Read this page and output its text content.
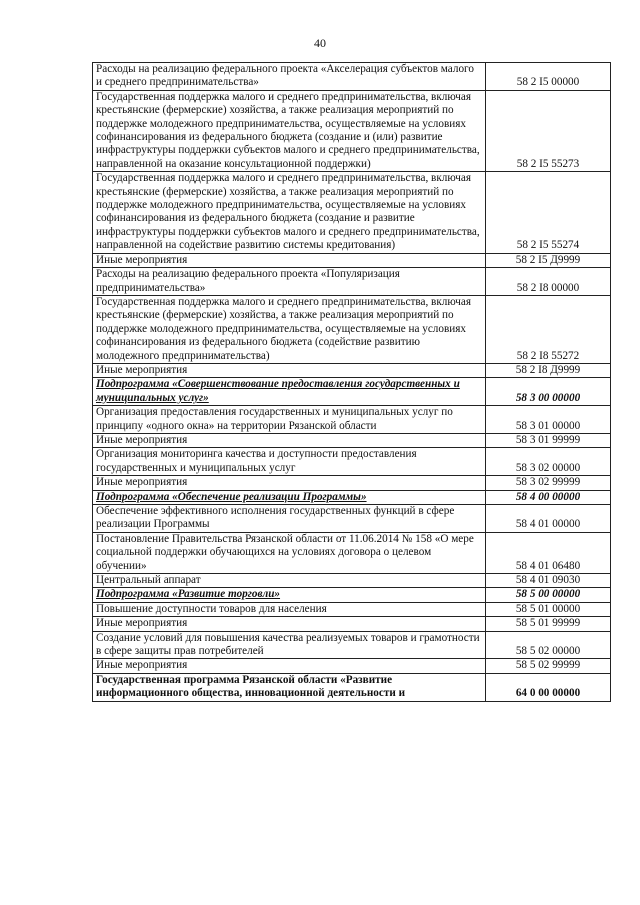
40
Расходы на реализацию федерального проекта «Акселерация субъектов малого и среднего предпринимательства»	58 2 I5 00000
Государственная поддержка малого и среднего предпринимательства, включая крестьянские (фермерские) хозяйства, а также реализация мероприятий по поддержке молодежного предпринимательства, осуществляемые на условиях софинансирования из федерального бюджета (создание и (или) развитие инфраструктуры поддержки субъектов малого и среднего предпринимательства, направленной на оказание консультационной поддержки)	58 2 I5 55273
Государственная поддержка малого и среднего предпринимательства, включая крестьянские (фермерские) хозяйства, а также реализация мероприятий по поддержке молодежного предпринимательства, осуществляемые на условиях софинансирования из федерального бюджета (создание и развитие инфраструктуры поддержки субъектов малого и среднего предпринимательства, направленной на содействие развитию системы кредитования)	58 2 I5 55274
Иные мероприятия	58 2 I5 Д9999
Расходы на реализацию федерального проекта «Популяризация предпринимательства»	58 2 I8 00000
Государственная поддержка малого и среднего предпринимательства, включая крестьянские (фермерские) хозяйства, а также реализация мероприятий по поддержке молодежного предпринимательства, осуществляемые на условиях софинансирования из федерального бюджета (содействие развитию молодежного предпринимательства)	58 2 I8 55272
Иные мероприятия	58 2 I8 Д9999
Подпрограмма «Совершенствование предоставления государственных и муниципальных услуг»	58 3 00 00000
Организация предоставления государственных и муниципальных услуг по принципу «одного окна» на территории Рязанской области	58 3 01 00000
Иные мероприятия	58 3 01 99999
Организация мониторинга качества и доступности предоставления государственных и муниципальных услуг	58 3 02 00000
Иные мероприятия	58 3 02 99999
Подпрограмма «Обеспечение реализации Программы»	58 4 00 00000
Обеспечение эффективного исполнения государственных функций в сфере реализации Программы	58 4 01 00000
Постановление Правительства Рязанской области от 11.06.2014 № 158 «О мере социальной поддержки обучающихся на условиях договора о целевом обучении»	58 4 01 06480
Центральный аппарат	58 4 01 09030
Подпрограмма «Развитие торговли»	58 5 00 00000
Повышение доступности товаров для населения	58 5 01 00000
Иные мероприятия	58 5 01 99999
Создание условий для повышения качества реализуемых товаров и грамотности в сфере защиты прав потребителей	58 5 02 00000
Иные мероприятия	58 5 02 99999
Государственная программа Рязанской области «Развитие информационного общества, инновационной деятельности и	64 0 00 00000
